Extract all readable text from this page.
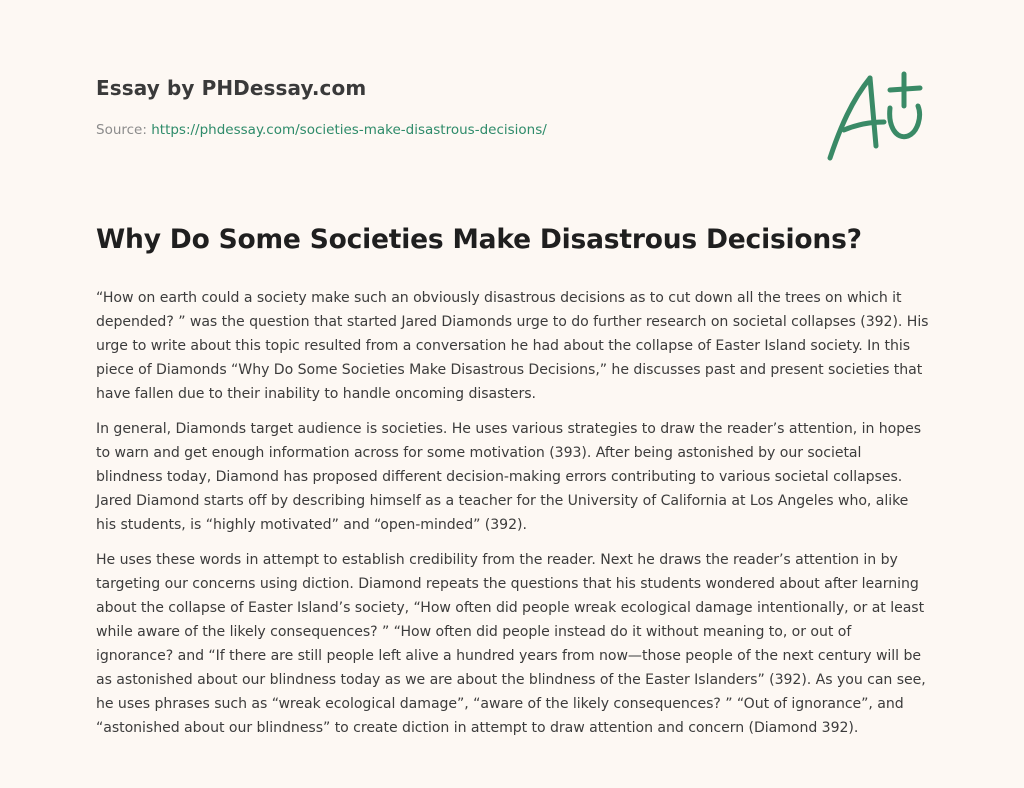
Essay by PHDessay.com
Source: https://phdessay.com/societies-make-disastrous-decisions/
Why Do Some Societies Make Disastrous Decisions?

“How on earth could a society make such an obviously disastrous decisions as to cut down all the trees on which it depended? ” was the question that started Jared Diamonds urge to do further research on societal collapses (392). His urge to write about this topic resulted from a conversation he had about the collapse of Easter Island society. In this piece of Diamonds “Why Do Some Societies Make Disastrous Decisions,” he discusses past and present societies that have fallen due to their inability to handle oncoming disasters.

In general, Diamonds target audience is societies. He uses various strategies to draw the reader’s attention, in hopes to warn and get enough information across for some motivation (393). After being astonished by our societal blindness today, Diamond has proposed different decision-making errors contributing to various societal collapses. Jared Diamond starts off by describing himself as a teacher for the University of California at Los Angeles who, alike his students, is “highly motivated” and “open-minded” (392).

He uses these words in attempt to establish credibility from the reader. Next he draws the reader’s attention in by targeting our concerns using diction. Diamond repeats the questions that his students wondered about after learning about the collapse of Easter Island’s society, “How often did people wreak ecological damage intentionally, or at least while aware of the likely consequences? ” “How often did people instead do it without meaning to, or out of ignorance? and “If there are still people left alive a hundred years from now—those people of the next century will be as astonished about our blindness today as we are about the blindness of the Easter Islanders” (392). As you can see, he uses phrases such as “wreak ecological damage”, “aware of the likely consequences? ” “Out of ignorance”, and “astonished about our blindness” to create diction in attempt to draw attention and concern (Diamond 392).
